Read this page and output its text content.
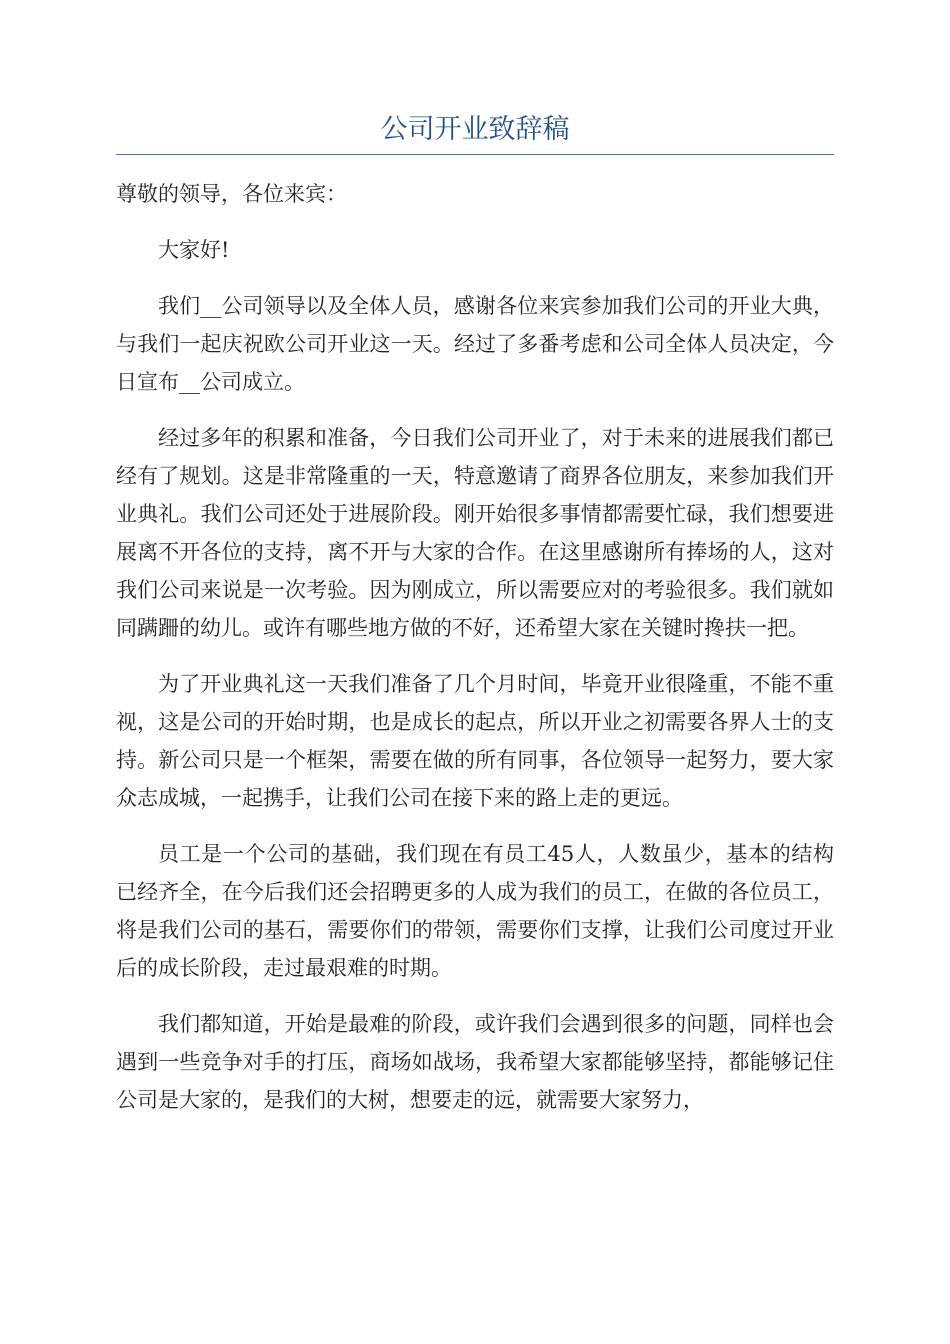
公司开业致辞稿

尊敬的领导，各位来宾：

大家好!

我们__公司领导以及全体人员，感谢各位来宾参加我们公司的开业大典，与我们一起庆祝欧公司开业这一天。经过了多番考虑和公司全体人员决定，今日宣布__公司成立。

经过多年的积累和准备，今日我们公司开业了，对于未来的进展我们都已经有了规划。这是非常隆重的一天，特意邀请了商界各位朋友，来参加我们开业典礼。我们公司还处于进展阶段。刚开始很多事情都需要忙碌，我们想要进展离不开各位的支持，离不开与大家的合作。在这里感谢所有捧场的人，这对我们公司来说是一次考验。因为刚成立，所以需要应对的考验很多。我们就如同蹒跚的幼儿。或许有哪些地方做的不好，还希望大家在关键时搀扶一把。

为了开业典礼这一天我们准备了几个月时间，毕竟开业很隆重，不能不重视，这是公司的开始时期，也是成长的起点，所以开业之初需要各界人士的支持。新公司只是一个框架，需要在做的所有同事，各位领导一起努力，要大家众志成城，一起携手，让我们公司在接下来的路上走的更远。

员工是一个公司的基础，我们现在有员工45人，人数虽少，基本的结构已经齐全，在今后我们还会招聘更多的人成为我们的员工，在做的各位员工，将是我们公司的基石，需要你们的带领，需要你们支撑，让我们公司度过开业后的成长阶段，走过最艰难的时期。

我们都知道，开始是最难的阶段，或许我们会遇到很多的问题，同样也会遇到一些竞争对手的打压，商场如战场，我希望大家都能够坚持，都能够记住公司是大家的，是我们的大树，想要走的远，就需要大家努力，
